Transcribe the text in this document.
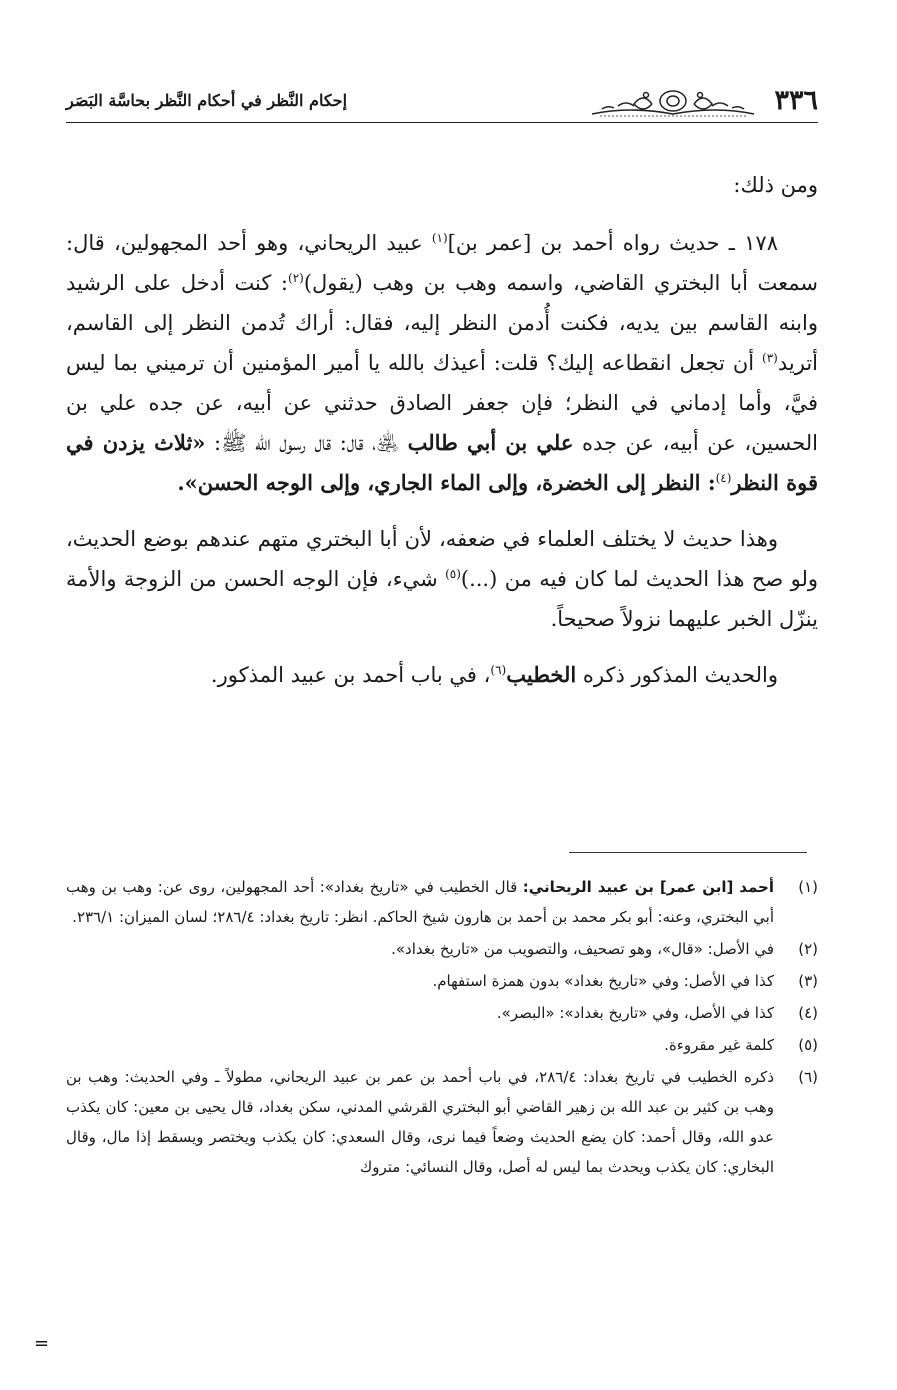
٣٣٦
إحكام النَّظر في أحكام النَّظر بحاسَّة البَصَر

ومن ذلك:

١٧٨ ـ حديث رواه أحمد بن [عمر بن]$^{(١)}$ عبيد الريحاني، وهو أحد المجهولين، قال: سمعت أبا البختري القاضي، واسمه وهب بن وهب (يقول)$^{(٢)}$: كنت أدخل على الرشيد وابنه القاسم بين يديه، فكنت أُدمن النظر إليه، فقال: أراك تُدمن النظر إلى القاسم، أتريد$^{(٣)}$ أن تجعل انقطاعه إليك؟ قلت: أعيذك بالله يا أمير المؤمنين أن ترميني بما ليس فيَّ، وأما إدماني في النظر؛ فإن جعفر الصادق حدثني عن أبيه، عن جده علي بن الحسين، عن أبيه، عن جده علي بن أبي طالب ﵁، قال: قال رسول الله ﷺ: «ثلاث يزدن في قوة النظر$^{(٤)}$: النظر إلى الخضرة، وإلى الماء الجاري، وإلى الوجه الحسن».

وهذا حديث لا يختلف العلماء في ضعفه، لأن أبا البختري متهم عندهم بوضع الحديث، ولو صح هذا الحديث لما كان فيه من (...)$^{(٥)}$ شيء، فإن الوجه الحسن من الزوجة والأمة ينزّل الخبر عليهما نزولاً صحيحاً.

والحديث المذكور ذكره الخطيب$^{(٦)}$، في باب أحمد بن عبيد المذكور.

(١)
أحمد [ابن عمر] بن عبيد الريحاني: قال الخطيب في «تاريخ بغداد»: أحد المجهولين، روى عن: وهب بن وهب أبي البختري، وعنه: أبو بكر محمد بن أحمد بن هارون شيخ الحاكم. انظر: تاريخ بغداد: ٢٨٦/٤؛ لسان الميزان: ٢٣٦/١.
(٢)
في الأصل: «قال»، وهو تصحيف، والتصويب من «تاريخ بغداد».
(٣)
كذا في الأصل: وفي «تاريخ بغداد» بدون همزة استفهام.
(٤)
كذا في الأصل، وفي «تاريخ بغداد»: «البصر».
(٥)
كلمة غير مقروءة.
(٦)
ذكره الخطيب في تاريخ بغداد: ٢٨٦/٤، في باب أحمد بن عمر بن عبيد الريحاني، مطولاً ـ وفي الحديث: وهب بن وهب بن كثير بن عبد الله بن زهير القاضي أبو البختري القرشي المدني، سكن بغداد، قال يحيى بن معين: كان يكذب عدو الله، وقال أحمد: كان يضع الحديث وضعاً فيما نرى، وقال السعدي: كان يكذب ويختصر ويسقط إذا مال، وقال البخاري: كان يكذب ويحدث بما ليس له أصل، وقال النسائي: متروك
=
